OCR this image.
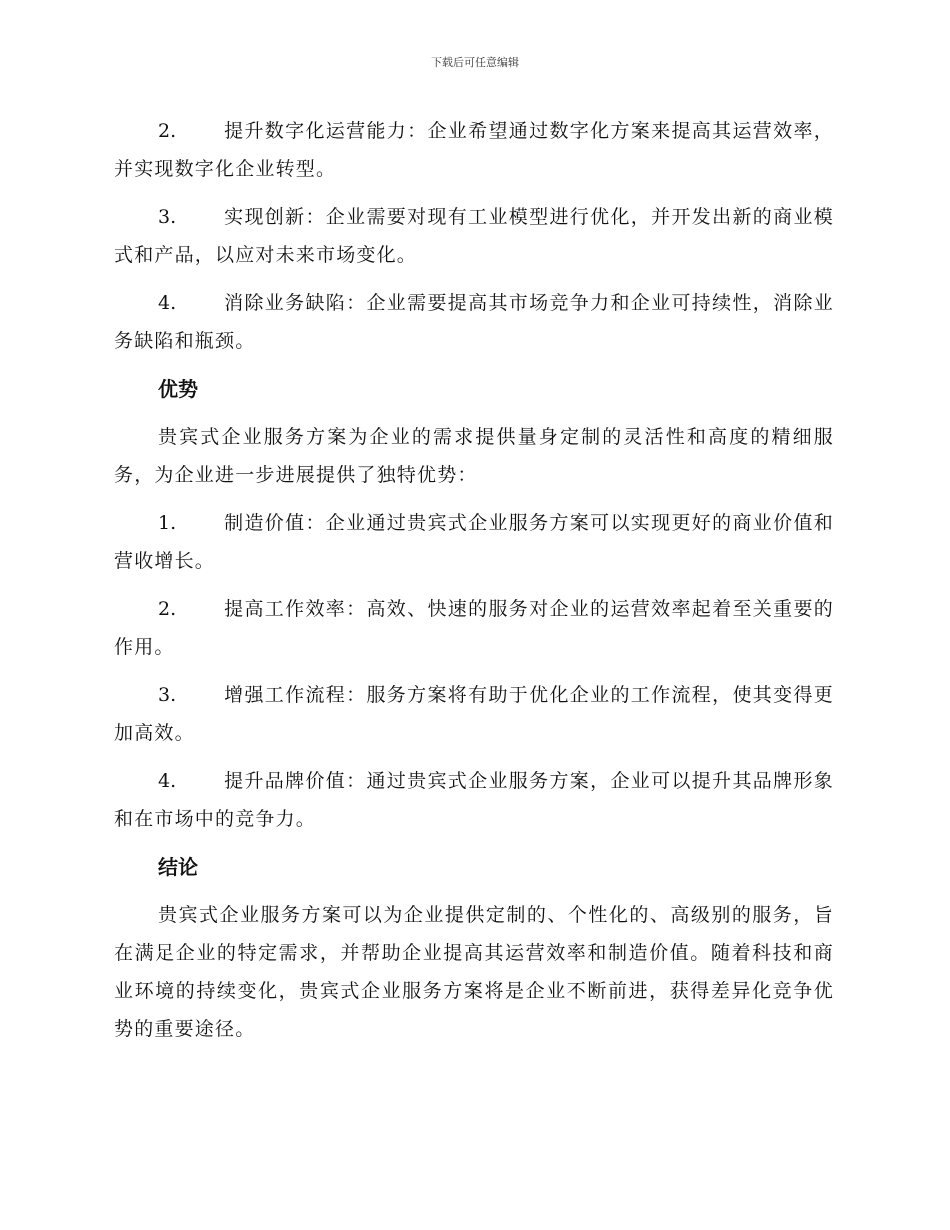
下载后可任意编辑

2.	提升数字化运营能力：企业希望通过数字化方案来提高其运营效率，并实现数字化企业转型。

3.	实现创新：企业需要对现有工业模型进行优化，并开发出新的商业模式和产品，以应对未来市场变化。

4.	消除业务缺陷：企业需要提高其市场竞争力和企业可持续性，消除业务缺陷和瓶颈。

优势

贵宾式企业服务方案为企业的需求提供量身定制的灵活性和高度的精细服务，为企业进一步进展提供了独特优势：

1.	制造价值：企业通过贵宾式企业服务方案可以实现更好的商业价值和营收增长。

2.	提高工作效率：高效、快速的服务对企业的运营效率起着至关重要的作用。

3.	增强工作流程：服务方案将有助于优化企业的工作流程，使其变得更加高效。

4.	提升品牌价值：通过贵宾式企业服务方案，企业可以提升其品牌形象和在市场中的竞争力。

结论

贵宾式企业服务方案可以为企业提供定制的、个性化的、高级别的服务，旨在满足企业的特定需求，并帮助企业提高其运营效率和制造价值。随着科技和商业环境的持续变化，贵宾式企业服务方案将是企业不断前进，获得差异化竞争优势的重要途径。
